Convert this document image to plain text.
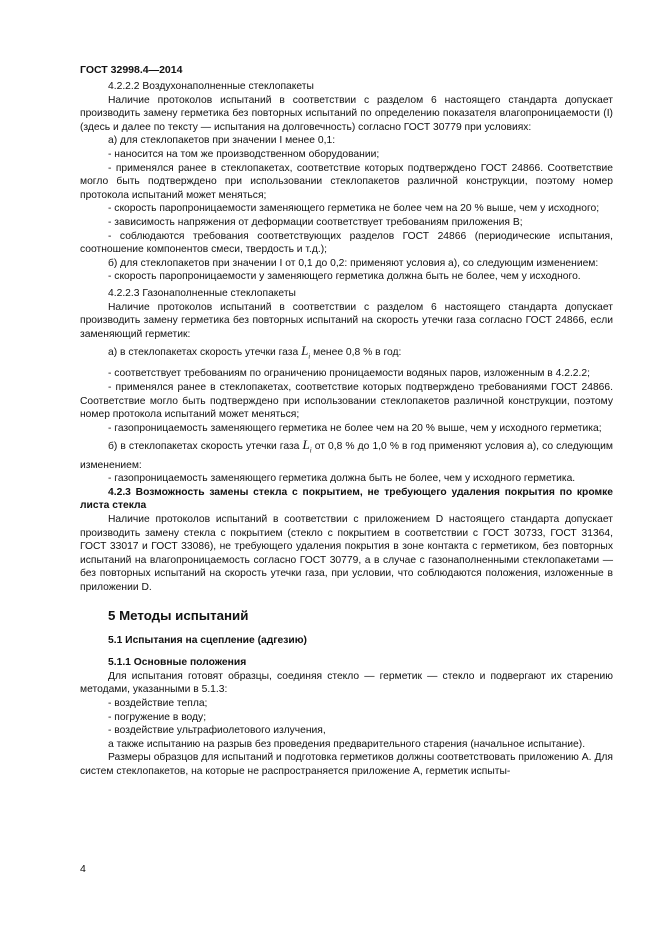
ГОСТ 32998.4—2014

4.2.2.2 Воздухонаполненные стеклопакеты

Наличие протоколов испытаний в соответствии с разделом 6 настоящего стандарта допускает производить замену герметика без повторных испытаний по определению показателя влагопроницаемости (I) (здесь и далее по тексту — испытания на долговечность) согласно ГОСТ 30779 при условиях:

а) для стеклопакетов при значении I менее 0,1:

- наносится на том же производственном оборудовании;

- применялся ранее в стеклопакетах, соответствие которых подтверждено ГОСТ 24866. Соответствие могло быть подтверждено при использовании стеклопакетов различной конструкции, поэтому номер протокола испытаний может меняться;

- скорость паропроницаемости заменяющего герметика не более чем на 20 % выше, чем у исходного;

- зависимость напряжения от деформации соответствует требованиям приложения В;

- соблюдаются требования соответствующих разделов ГОСТ 24866 (периодические испытания, соотношение компонентов смеси, твердость и т.д.);

б) для стеклопакетов при значении I от 0,1 до 0,2: применяют условия а), со следующим изменением:

- скорость паропроницаемости у заменяющего герметика должна быть не более, чем у исходного.

4.2.2.3 Газонаполненные стеклопакеты

Наличие протоколов испытаний в соответствии с разделом 6 настоящего стандарта допускает производить замену герметика без повторных испытаний на скорость утечки газа согласно ГОСТ 24866, если заменяющий герметик:

а) в стеклопакетах скорость утечки газа $L_i$ менее 0,8 % в год:

- соответствует требованиям по ограничению проницаемости водяных паров, изложенным в 4.2.2.2;

- применялся ранее в стеклопакетах, соответствие которых подтверждено требованиями ГОСТ 24866. Соответствие могло быть подтверждено при использовании стеклопакетов различной конструкции, поэтому номер протокола испытаний может меняться;

- газопроницаемость заменяющего герметика не более чем на 20 % выше, чем у исходного герметика;

б) в стеклопакетах скорость утечки газа $L_i$ от 0,8 % до 1,0 % в год применяют условия а), со следующим изменением:

- газопроницаемость заменяющего герметика должна быть не более, чем у исходного герметика.

4.2.3 Возможность замены стекла с покрытием, не требующего удаления покрытия по кромке листа стекла

Наличие протоколов испытаний в соответствии с приложением D настоящего стандарта допускает производить замену стекла с покрытием (стекло с покрытием в соответствии с ГОСТ 30733, ГОСТ 31364, ГОСТ 33017 и ГОСТ 33086), не требующего удаления покрытия в зоне контакта с герметиком, без повторных испытаний на влагопроницаемость согласно ГОСТ 30779, а в случае с газонаполненными стеклопакетами — без повторных испытаний на скорость утечки газа, при условии, что соблюдаются положения, изложенные в приложении D.

5 Методы испытаний

5.1 Испытания на сцепление (адгезию)

5.1.1 Основные положения

Для испытания готовят образцы, соединяя стекло — герметик — стекло и подвергают их старению методами, указанными в 5.1.3:

- воздействие тепла;

- погружение в воду;

- воздействие ультрафиолетового излучения,

а также испытанию на разрыв без проведения предварительного старения (начальное испытание).

Размеры образцов для испытаний и подготовка герметиков должны соответствовать приложению А. Для систем стеклопакетов, на которые не распространяется приложение А, герметик испыты-

4
